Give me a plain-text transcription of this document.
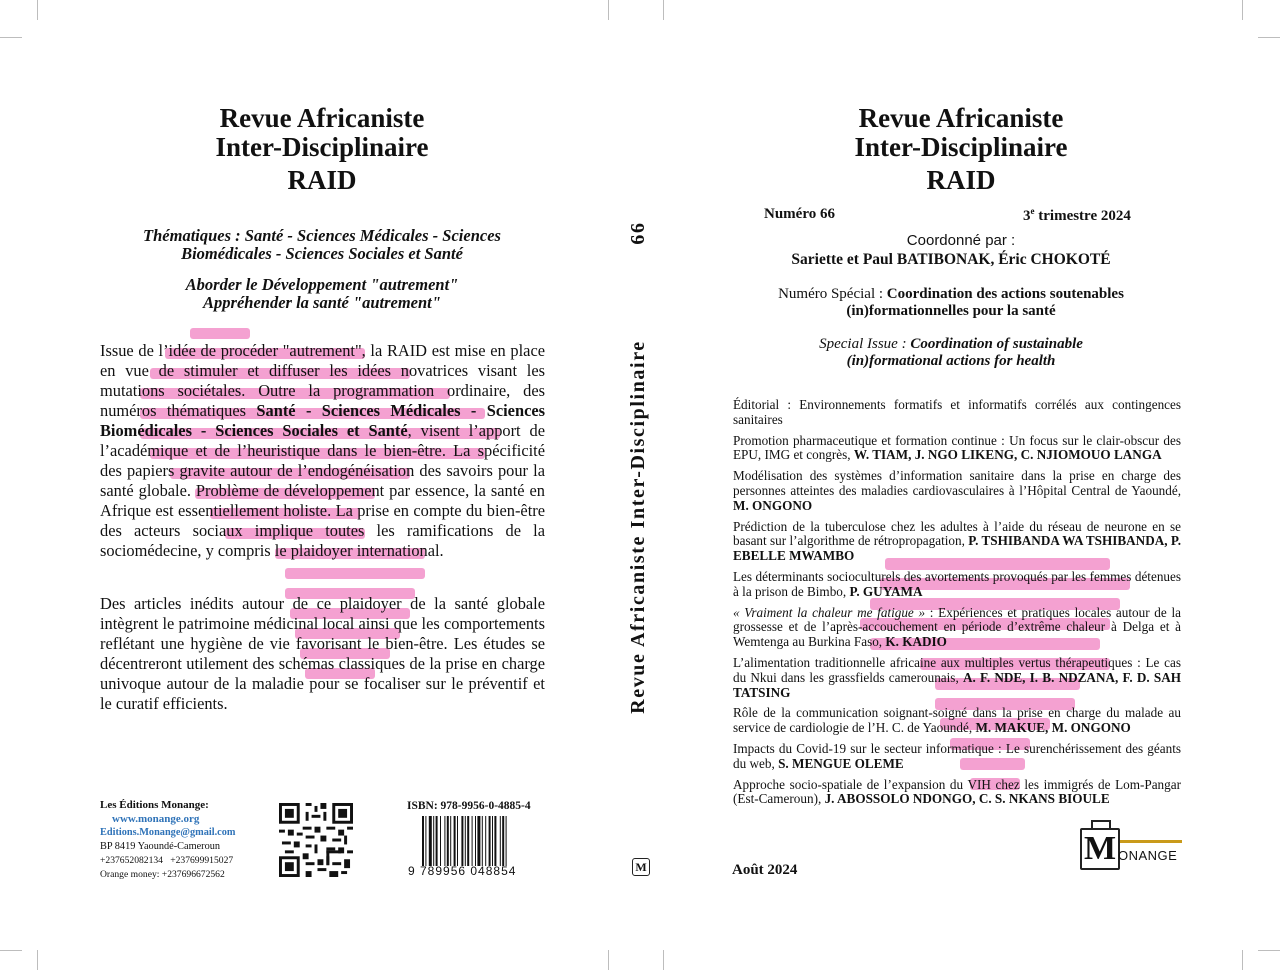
Revue Africaniste
Inter-Disciplinaire
RAID
Thématiques : Santé - Sciences Médicales - Sciences
Biomédicales - Sciences Sociales et Santé
Aborder le Développement "autrement"
Appréhender la santé "autrement"
Issue de l’idée de procéder "autrement", la RAID est mise en place en vue de stimuler et diffuser les idées novatrices visant les mutations sociétales. Outre la programmation ordinaire, des numéros thématiques Santé - Sciences Médicales - Sciences Biomédicales - Sciences Sociales et Santé, visent l’apport de l’académique et de l’heuristique dans le bien-être. La spécificité des papiers gravite autour de l’endogénéisation des savoirs pour la santé globale. Problème de développement par essence, la santé en Afrique est essentiellement holiste. La prise en compte du bien-être des acteurs sociaux implique toutes les ramifications de la sociomédecine, y compris le plaidoyer international.
Des articles inédits autour de ce plaidoyer de la santé globale intègrent le patrimoine médicinal local ainsi que les comportements reflétant une hygiène de vie favorisant le bien-être. Les études se décentreront utilement des schémas classiques de la prise en charge univoque autour de la maladie pour se focaliser sur le préventif et le curatif efficients.
Les Éditions Monange:
www.monange.org
Editions.Monange@gmail.com
BP 8419 Yaoundé-Cameroun
+237652082134 +237699915027
Orange money: +237696672562
ISBN: 978-9956-0-4885-4
9 789956 048854
66
Revue Africaniste Inter-Disciplinaire
M
Revue Africaniste
Inter-Disciplinaire
RAID
Numéro 66	3e trimestre 2024
Coordonné par :
Sariette et Paul BATIBONAK, Éric CHOKOTÉ
Numéro Spécial : Coordination des actions soutenables
(in)formationnelles pour la santé
Special Issue : Coordination of sustainable
(in)formational actions for health

Éditorial : Environnements formatifs et informatifs corrélés aux contingences sanitaires

Promotion pharmaceutique et formation continue : Un focus sur le clair-obscur des EPU, IMG et congrès, W. TIAM, J. NGO LIKENG, C. NJIOMOUO LANGA

Modélisation des systèmes d’information sanitaire dans la prise en charge des personnes atteintes des maladies cardiovasculaires à l’Hôpital Central de Yaoundé, M. ONGONO

Prédiction de la tuberculose chez les adultes à l’aide du réseau de neurone en se basant sur l’algorithme de rétropropagation, P. TSHIBANDA WA TSHIBANDA, P. EBELLE MWAMBO

Les déterminants socioculturels des avortements provoqués par les femmes détenues à la prison de Bimbo, P. GUYAMA

« Vraiment la chaleur me fatigue » : Expériences et pratiques locales autour de la grossesse et de l’après-accouchement en période d’extrême chaleur à Delga et à Wemtenga au Burkina Faso, K. KADIO

L’alimentation traditionnelle africaine aux multiples vertus thérapeutiques : Le cas du Nkui dans les grassfields camerounais, A. F. NDE, I. B. NDZANA, F. D. SAH TATSING

Rôle de la communication soignant-soigné dans la prise en charge du malade au service de cardiologie de l’H. C. de Yaoundé, M. MAKUE, M. ONGONO

Impacts du Covid-19 sur le secteur informatique : Le surenchérissement des géants du web, S. MENGUE OLEME

Approche socio-spatiale de l’expansion du VIH chez les immigrés de Lom-Pangar (Est-Cameroun), J. ABOSSOLO NDONGO, C. S. NKANS BIOULE

Août 2024
M ONANGE
